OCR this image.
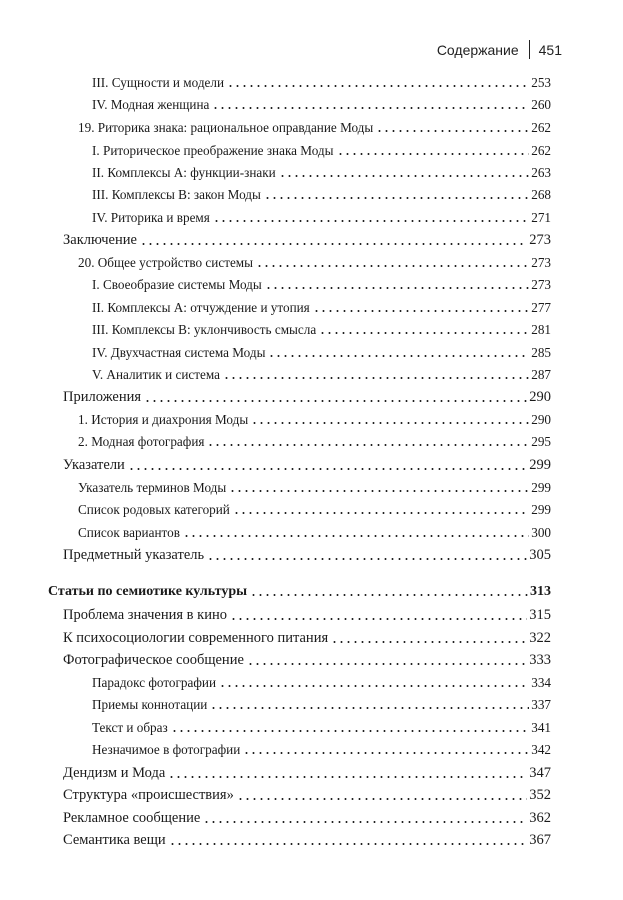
Содержание 451
III. Сущности и модели	253
IV. Модная женщина	260
19. Риторика знака: рациональное оправдание Моды	262
I. Риторическое преображение знака Моды	262
II. Комплексы A: функции-знаки	263
III. Комплексы B: закон Моды	268
IV. Риторика и время	271
Заключение	273
20. Общее устройство системы	273
I. Своеобразие системы Моды	273
II. Комплексы A: отчуждение и утопия	277
III. Комплексы B: уклончивость смысла	281
IV. Двухчастная система Моды	285
V. Аналитик и система	287
Приложения	290
1. История и диахрония Моды	290
2. Модная фотография	295
Указатели	299
Указатель терминов Моды	299
Список родовых категорий	299
Список вариантов	300
Предметный указатель	305
Статьи по семиотике культуры	313
Проблема значения в кино	315
К психосоциологии современного питания	322
Фотографическое сообщение	333
Парадокс фотографии	334
Приемы коннотации	337
Текст и образ	341
Незначимое в фотографии	342
Дендизм и Мода	347
Структура «происшествия»	352
Рекламное сообщение	362
Семантика вещи	367
